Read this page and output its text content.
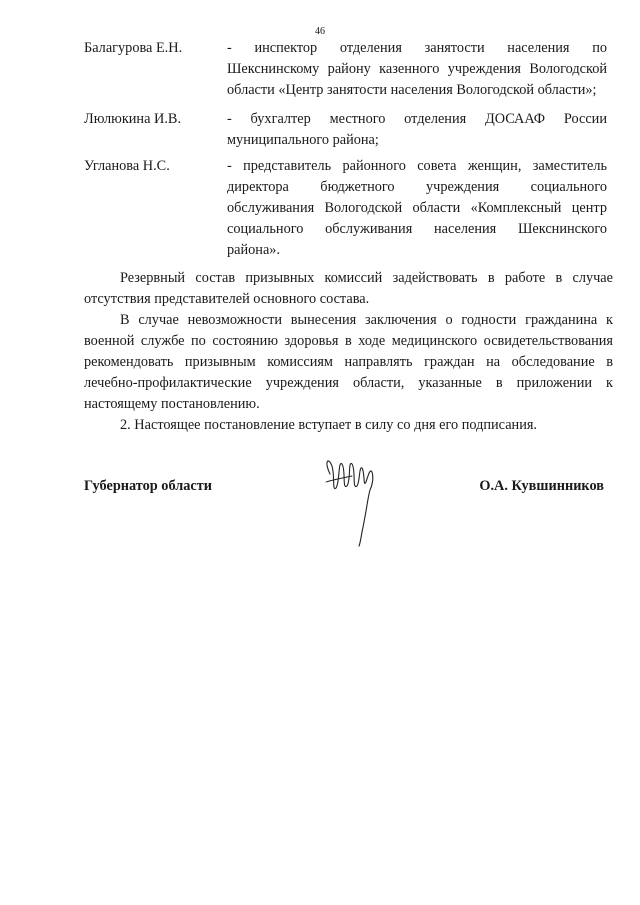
46
Балагурова Е.Н.	- инспектор отделения занятости населения по Шекснинскому району казенного учреждения Вологодской области «Центр занятости населения Вологодской области»;
Люлюкина И.В.	- бухгалтер местного отделения ДОСААФ России муниципального района;
Угланова Н.С.	- представитель районного совета женщин, заместитель директора бюджетного учреждения социального обслуживания Вологодской области «Комплексный центр социального обслуживания населения Шекснинского района».

Резервный состав призывных комиссий задействовать в работе в случае отсутствия представителей основного состава.

В случае невозможности вынесения заключения о годности гражданина к военной службе по состоянию здоровья в ходе медицинского освидетельствования рекомендовать призывным комиссиям направлять граждан на обследование в лечебно-профилактические учреждения области, указанные в приложении к настоящему постановлению.

2. Настоящее постановление вступает в силу со дня его подписания.

Губернатор области	О.А. Кувшинников
